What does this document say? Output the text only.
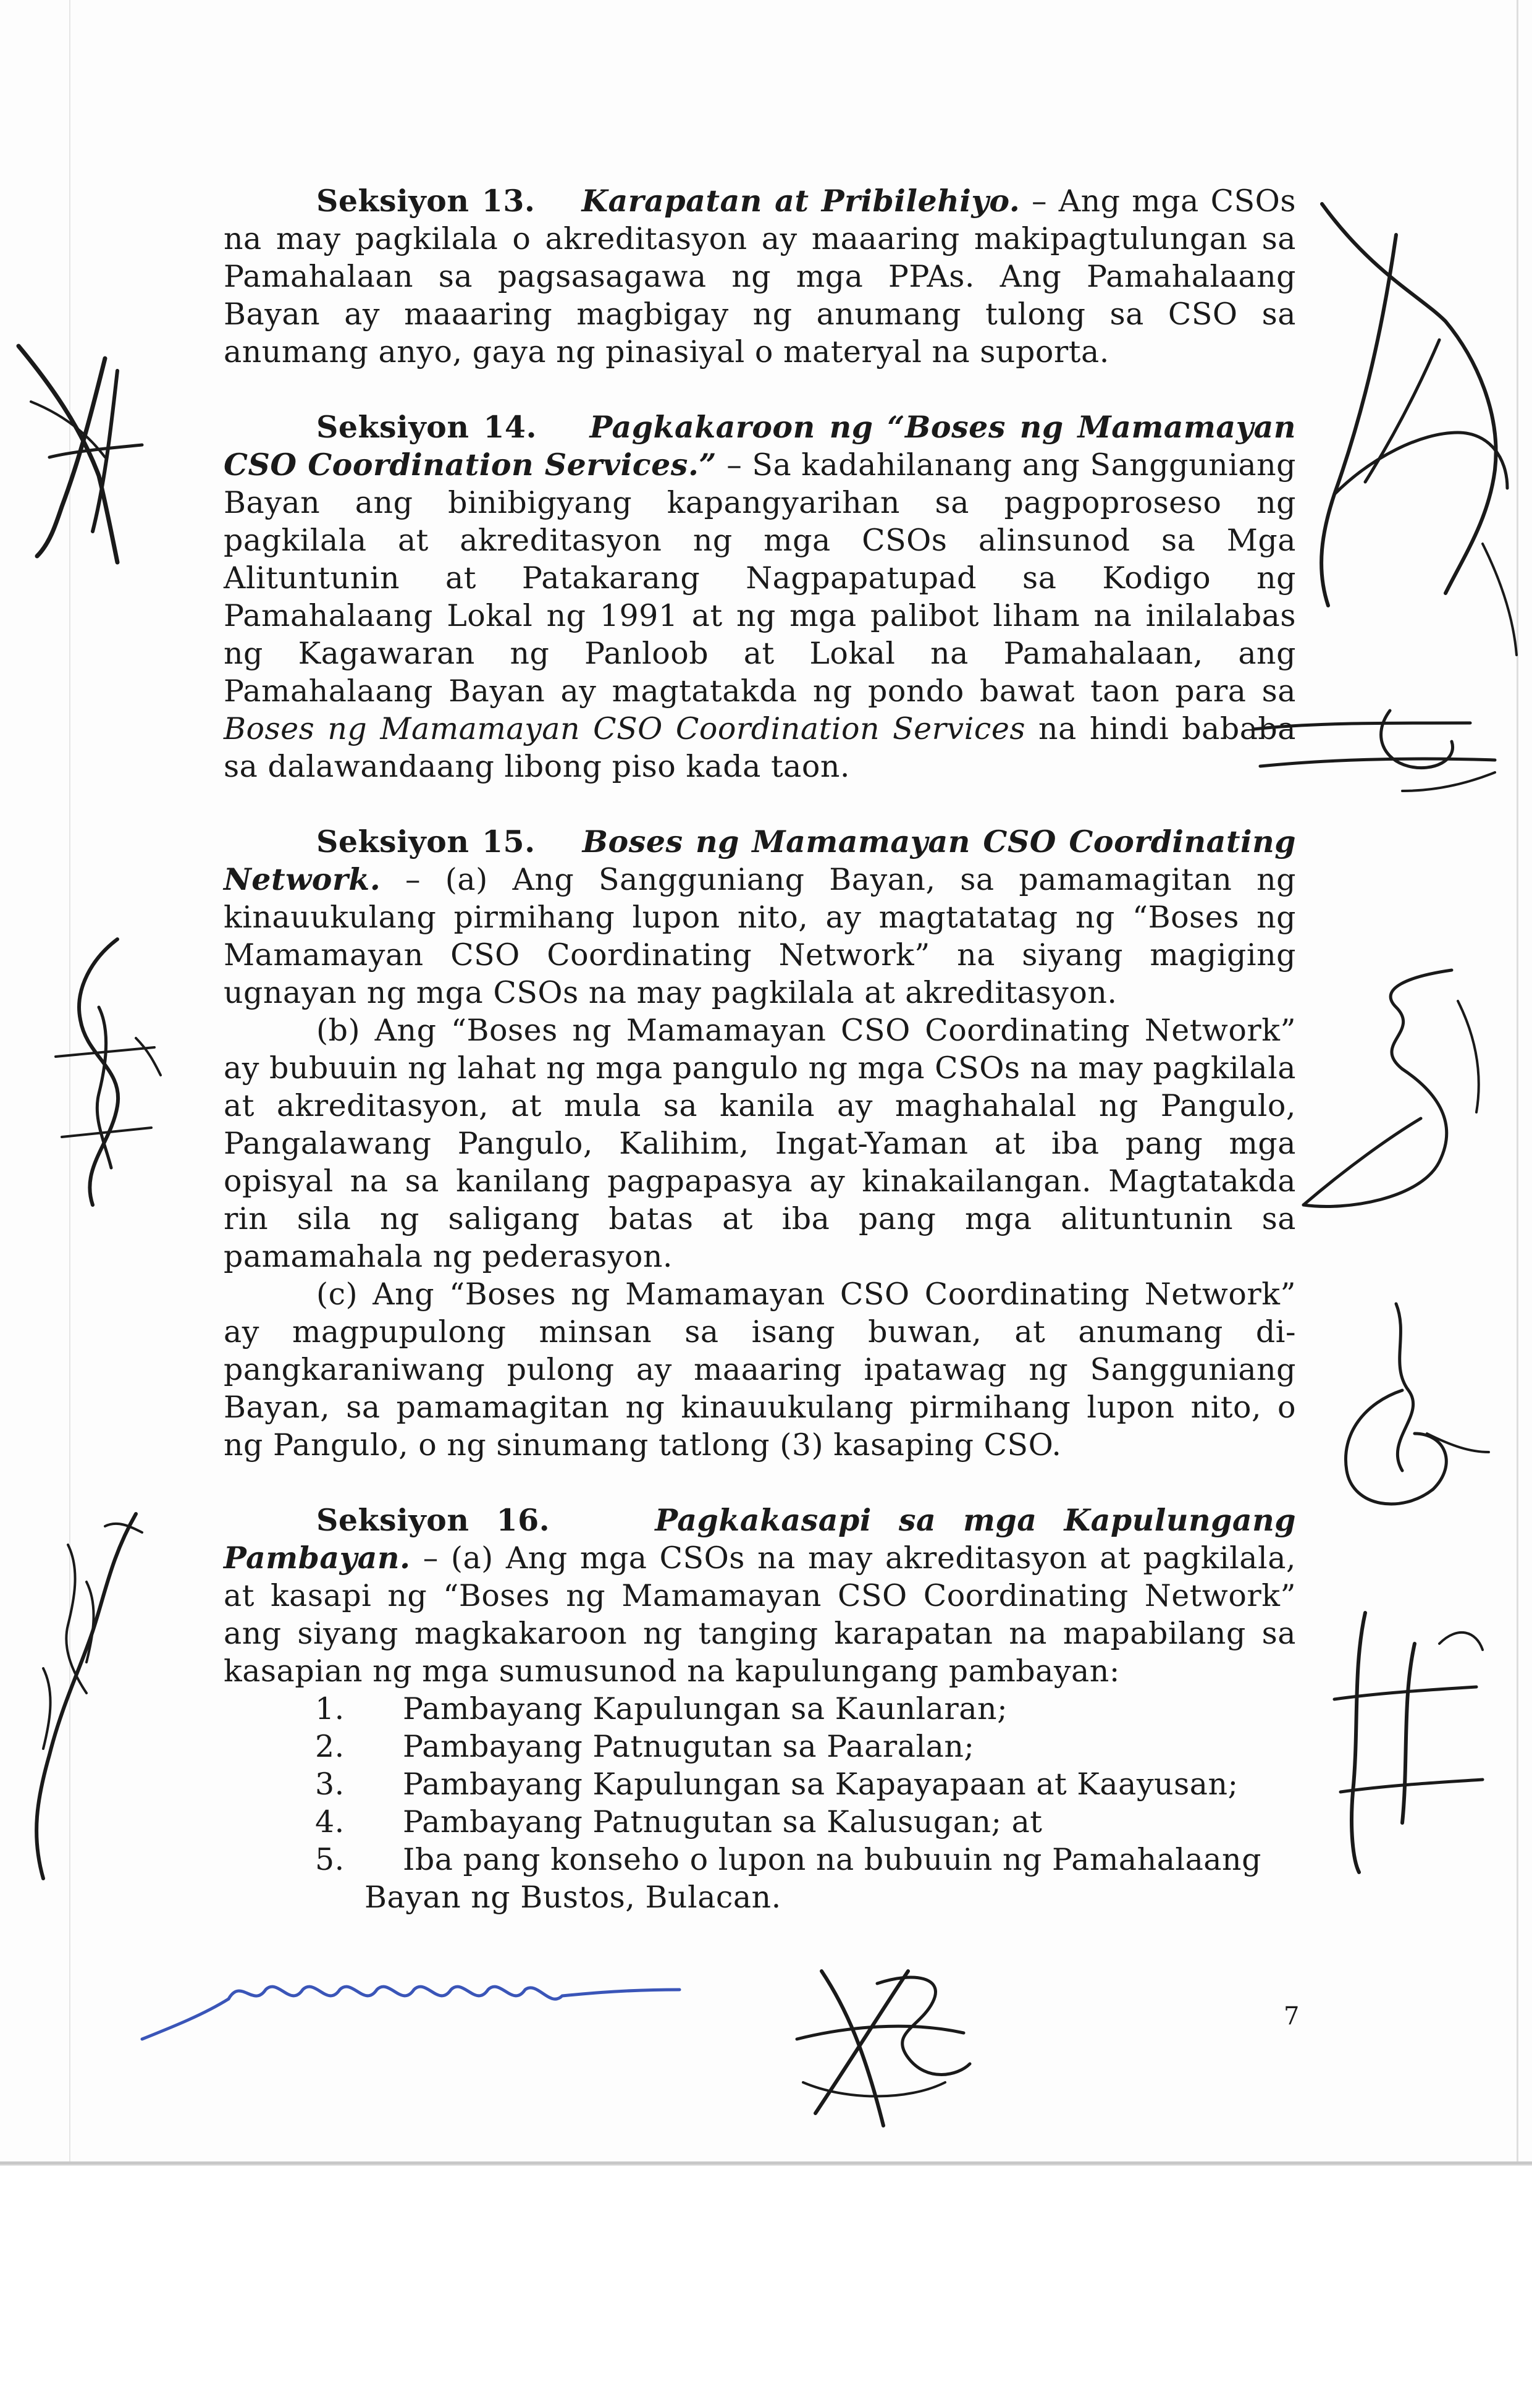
Seksiyon 13. Karapatan at Pribilehiyo. – Ang mga CSOs na may pagkilala o akreditasyon ay maaaring makipagtulungan sa Pamahalaan sa pagsasagawa ng mga PPAs. Ang Pamahalaang Bayan ay maaaring magbigay ng anumang tulong sa CSO sa anumang anyo, gaya ng pinasiyal o materyal na suporta.

Seksiyon 14. Pagkakaroon ng “Boses ng Mamamayan CSO Coordination Services.” – Sa kadahilanang ang Sangguniang Bayan ang binibigyang kapangyarihan sa pagpoproseso ng pagkilala at akreditasyon ng mga CSOs alinsunod sa Mga Alituntunin at Patakarang Nagpapatupad sa Kodigo ng Pamahalaang Lokal ng 1991 at ng mga palibot liham na inilalabas ng Kagawaran ng Panloob at Lokal na Pamahalaan, ang Pamahalaang Bayan ay magtatakda ng pondo bawat taon para sa Boses ng Mamamayan CSO Coordination Services na hindi bababa sa dalawandaang libong piso kada taon.

Seksiyon 15. Boses ng Mamamayan CSO Coordinating Network. – (a) Ang Sangguniang Bayan, sa pamamagitan ng kinauukulang pirmihang lupon nito, ay magtatatag ng “Boses ng Mamamayan CSO Coordinating Network” na siyang magiging ugnayan ng mga CSOs na may pagkilala at akreditasyon.

(b) Ang “Boses ng Mamamayan CSO Coordinating Network” ay bubuuin ng lahat ng mga pangulo ng mga CSOs na may pagkilala at akreditasyon, at mula sa kanila ay maghahalal ng Pangulo, Pangalawang Pangulo, Kalihim, Ingat-Yaman at iba pang mga opisyal na sa kanilang pagpapasya ay kinakailangan. Magtatakda rin sila ng saligang batas at iba pang mga alituntunin sa pamamahala ng pederasyon.

(c) Ang “Boses ng Mamamayan CSO Coordinating Network” ay magpupulong minsan sa isang buwan, at anumang di-pangkaraniwang pulong ay maaaring ipatawag ng Sangguniang Bayan, sa pamamagitan ng kinauukulang pirmihang lupon nito, o ng Pangulo, o ng sinumang tatlong (3) kasaping CSO.

Seksiyon 16.	Pagkakasapi sa mga Kapulungang Pambayan. – (a) Ang mga CSOs na may akreditasyon at pagkilala, at kasapi ng “Boses ng Mamamayan CSO Coordinating Network” ang siyang magkakaroon ng tanging karapatan na mapabilang sa kasapian ng mga sumusunod na kapulungang pambayan:

1.	Pambayang Kapulungan sa Kaunlaran;
2.	Pambayang Patnugutan sa Paaralan;
3.	Pambayang Kapulungan sa Kapayapaan at Kaayusan;
4.	Pambayang Patnugutan sa Kalusugan; at
5.	Iba pang konseho o lupon na bubuuin ng Pamahalaang
Bayan ng Bustos, Bulacan.
7
